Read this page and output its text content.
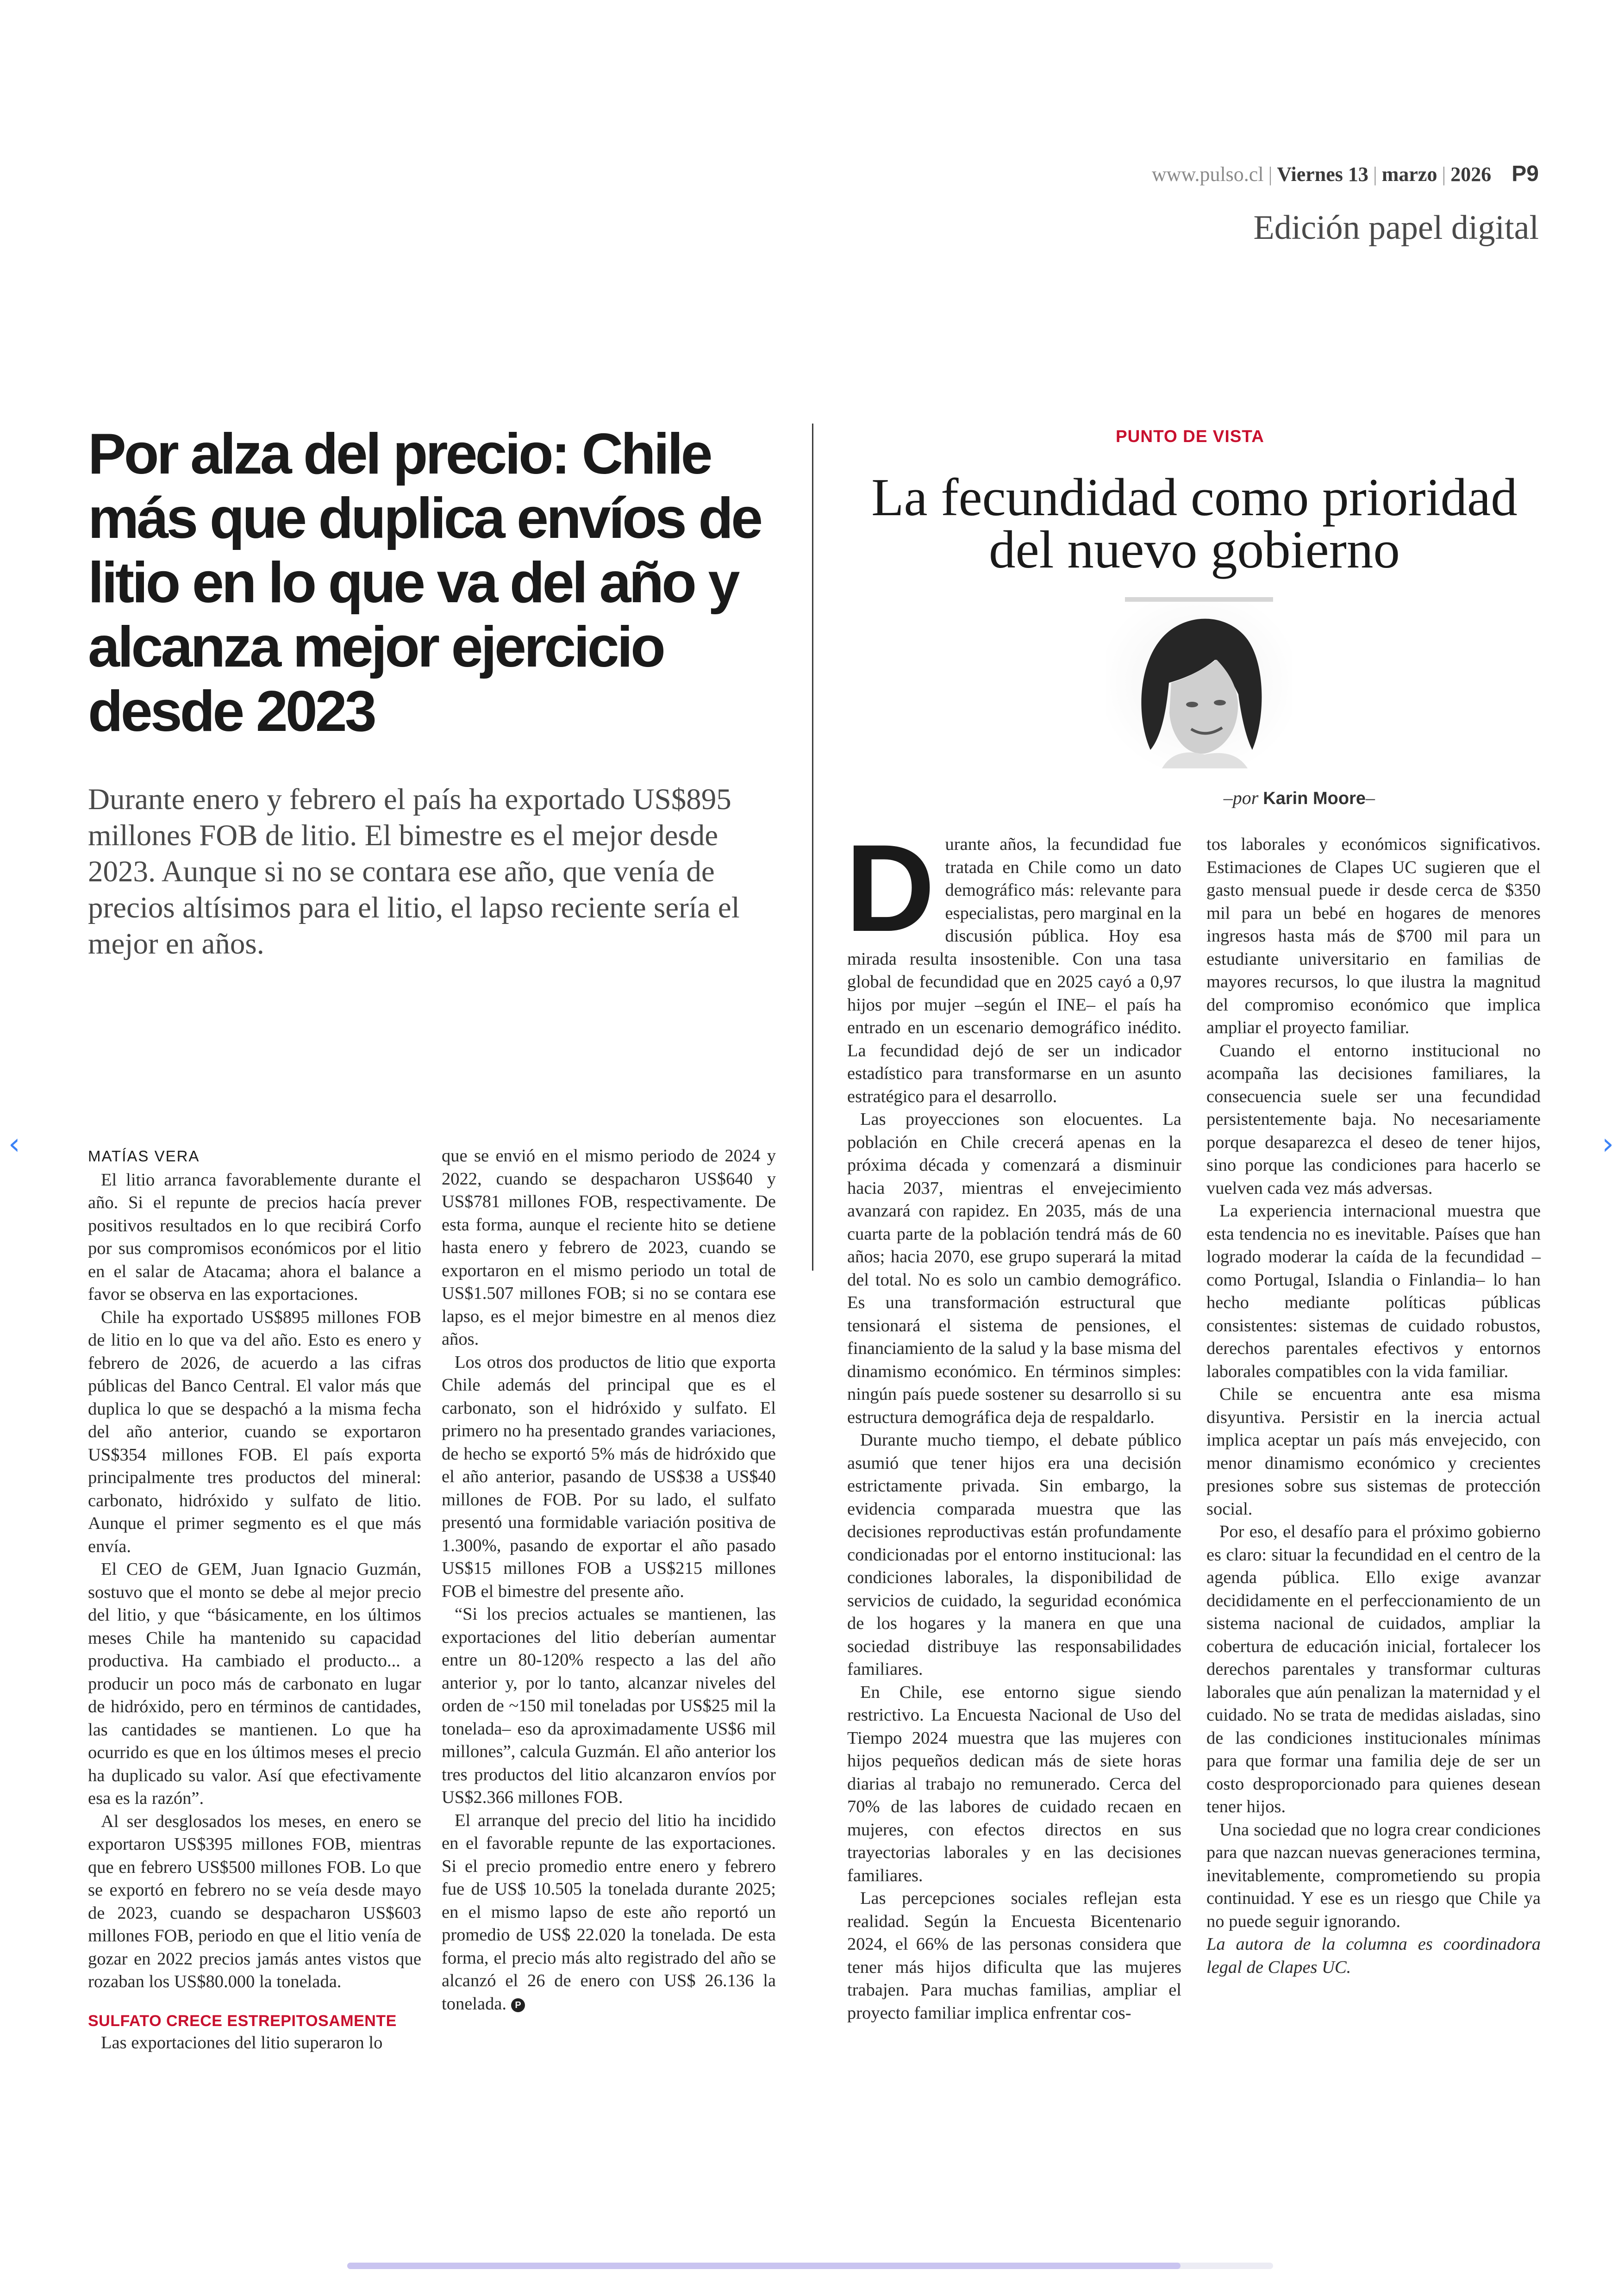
www.pulso.cl | Viernes 13 | marzo | 2026 P9
Edición papel digital
Por alza del precio: Chile más que duplica envíos de litio en lo que va del año y alcanza mejor ejercicio desde 2023

Durante enero y febrero el país ha exportado US$895 millones FOB de litio. El bimestre es el mejor desde 2023. Aunque si no se contara ese año, que venía de precios altísimos para el litio, el lapso reciente sería el mejor en años.

MATÍAS VERA

El litio arranca favorablemente durante el año. Si el repunte de precios hacía prever positivos resultados en lo que recibirá Corfo por sus compromisos económicos por el litio en el salar de Atacama; ahora el balance a favor se observa en las exportaciones.

Chile ha exportado US$895 millones FOB de litio en lo que va del año. Esto es enero y febrero de 2026, de acuerdo a las cifras públicas del Banco Central. El valor más que duplica lo que se despachó a la misma fecha del año anterior, cuando se exportaron US$354 millones FOB. El país exporta principalmente tres productos del mineral: carbonato, hidróxido y sulfato de litio. Aunque el primer segmento es el que más envía.

El CEO de GEM, Juan Ignacio Guzmán, sostuvo que el monto se debe al mejor precio del litio, y que “básicamente, en los últimos meses Chile ha mantenido su capacidad productiva. Ha cambiado el producto... a producir un poco más de carbonato en lugar de hidróxido, pero en términos de cantidades, las cantidades se mantienen. Lo que ha ocurrido es que en los últimos meses el precio ha duplicado su valor. Así que efectivamente esa es la razón”.

Al ser desglosados los meses, en enero se exportaron US$395 millones FOB, mientras que en febrero US$500 millones FOB. Lo que se exportó en febrero no se veía desde mayo de 2023, cuando se despacharon US$603 millones FOB, periodo en que el litio venía de gozar en 2022 precios jamás antes vistos que rozaban los US$80.000 la tonelada.

SULFATO CRECE ESTREPITOSAMENTE

Las exportaciones del litio superaron lo

que se envió en el mismo periodo de 2024 y 2022, cuando se despacharon US$640 y US$781 millones FOB, respectivamente. De esta forma, aunque el reciente hito se detiene hasta enero y febrero de 2023, cuando se exportaron en el mismo periodo un total de US$1.507 millones FOB; si no se contara ese lapso, es el mejor bimestre en al menos diez años.

Los otros dos productos de litio que exporta Chile además del principal que es el carbonato, son el hidróxido y sulfato. El primero no ha presentado grandes variaciones, de hecho se exportó 5% más de hidróxido que el año anterior, pasando de US$38 a US$40 millones de FOB. Por su lado, el sulfato presentó una formidable variación positiva de 1.300%, pasando de exportar el año pasado US$15 millones FOB a US$215 millones FOB el bimestre del presente año.

“Si los precios actuales se mantienen, las exportaciones del litio deberían aumentar entre un 80-120% respecto a las del año anterior y, por lo tanto, alcanzar niveles del orden de ~150 mil toneladas por US$25 mil la tonelada– eso da aproximadamente US$6 mil millones”, calcula Guzmán. El año anterior los tres productos del litio alcanzaron envíos por US$2.366 millones FOB.

El arranque del precio del litio ha incidido en el favorable repunte de las exportaciones. Si el precio promedio entre enero y febrero fue de US$ 10.505 la tonelada durante 2025; en el mismo lapso de este año reportó un promedio de US$ 22.020 la tonelada. De esta forma, el precio más alto registrado del año se alcanzó el 26 de enero con US$ 26.136 la tonelada. P

PUNTO DE VISTA
La fecundidad como prioridad del nuevo gobierno
–por Karin Moore–

Durante años, la fecundidad fue tratada en Chile como un dato demográfico más: relevante para especialistas, pero marginal en la discusión pública. Hoy esa mirada resulta insostenible. Con una tasa global de fecundidad que en 2025 cayó a 0,97 hijos por mujer –según el INE– el país ha entrado en un escenario demográfico inédito. La fecundidad dejó de ser un indicador estadístico para transformarse en un asunto estratégico para el desarrollo.

Las proyecciones son elocuentes. La población en Chile crecerá apenas en la próxima década y comenzará a disminuir hacia 2037, mientras el envejecimiento avanzará con rapidez. En 2035, más de una cuarta parte de la población tendrá más de 60 años; hacia 2070, ese grupo superará la mitad del total. No es solo un cambio demográfico. Es una transformación estructural que tensionará el sistema de pensiones, el financiamiento de la salud y la base misma del dinamismo económico. En términos simples: ningún país puede sostener su desarrollo si su estructura demográfica deja de respaldarlo.

Durante mucho tiempo, el debate público asumió que tener hijos era una decisión estrictamente privada. Sin embargo, la evidencia comparada muestra que las decisiones reproductivas están profundamente condicionadas por el entorno institucional: las condiciones laborales, la disponibilidad de servicios de cuidado, la seguridad económica de los hogares y la manera en que una sociedad distribuye las responsabilidades familiares.

En Chile, ese entorno sigue siendo restrictivo. La Encuesta Nacional de Uso del Tiempo 2024 muestra que las mujeres con hijos pequeños dedican más de siete horas diarias al trabajo no remunerado. Cerca del 70% de las labores de cuidado recaen en mujeres, con efectos directos en sus trayectorias laborales y en las decisiones familiares.

Las percepciones sociales reflejan esta realidad. Según la Encuesta Bicentenario 2024, el 66% de las personas considera que tener más hijos dificulta que las mujeres trabajen. Para muchas familias, ampliar el proyecto familiar implica enfrentar cos-

tos laborales y económicos significativos. Estimaciones de Clapes UC sugieren que el gasto mensual puede ir desde cerca de $350 mil para un bebé en hogares de menores ingresos hasta más de $700 mil para un estudiante universitario en familias de mayores recursos, lo que ilustra la magnitud del compromiso económico que implica ampliar el proyecto familiar.

Cuando el entorno institucional no acompaña las decisiones familiares, la consecuencia suele ser una fecundidad persistentemente baja. No necesariamente porque desaparezca el deseo de tener hijos, sino porque las condiciones para hacerlo se vuelven cada vez más adversas.

La experiencia internacional muestra que esta tendencia no es inevitable. Países que han logrado moderar la caída de la fecundidad –como Portugal, Islandia o Finlandia– lo han hecho mediante políticas públicas consistentes: sistemas de cuidado robustos, derechos parentales efectivos y entornos laborales compatibles con la vida familiar.

Chile se encuentra ante esa misma disyuntiva. Persistir en la inercia actual implica aceptar un país más envejecido, con menor dinamismo económico y crecientes presiones sobre sus sistemas de protección social.

Por eso, el desafío para el próximo gobierno es claro: situar la fecundidad en el centro de la agenda pública. Ello exige avanzar decididamente en el perfeccionamiento de un sistema nacional de cuidados, ampliar la cobertura de educación inicial, fortalecer los derechos parentales y transformar culturas laborales que aún penalizan la maternidad y el cuidado. No se trata de medidas aisladas, sino de las condiciones institucionales mínimas para que formar una familia deje de ser un costo desproporcionado para quienes desean tener hijos.

Una sociedad que no logra crear condiciones para que nazcan nuevas generaciones termina, inevitablemente, comprometiendo su propia continuidad. Y ese es un riesgo que Chile ya no puede seguir ignorando.

La autora de la columna es coordinadora legal de Clapes UC.

‹	›
